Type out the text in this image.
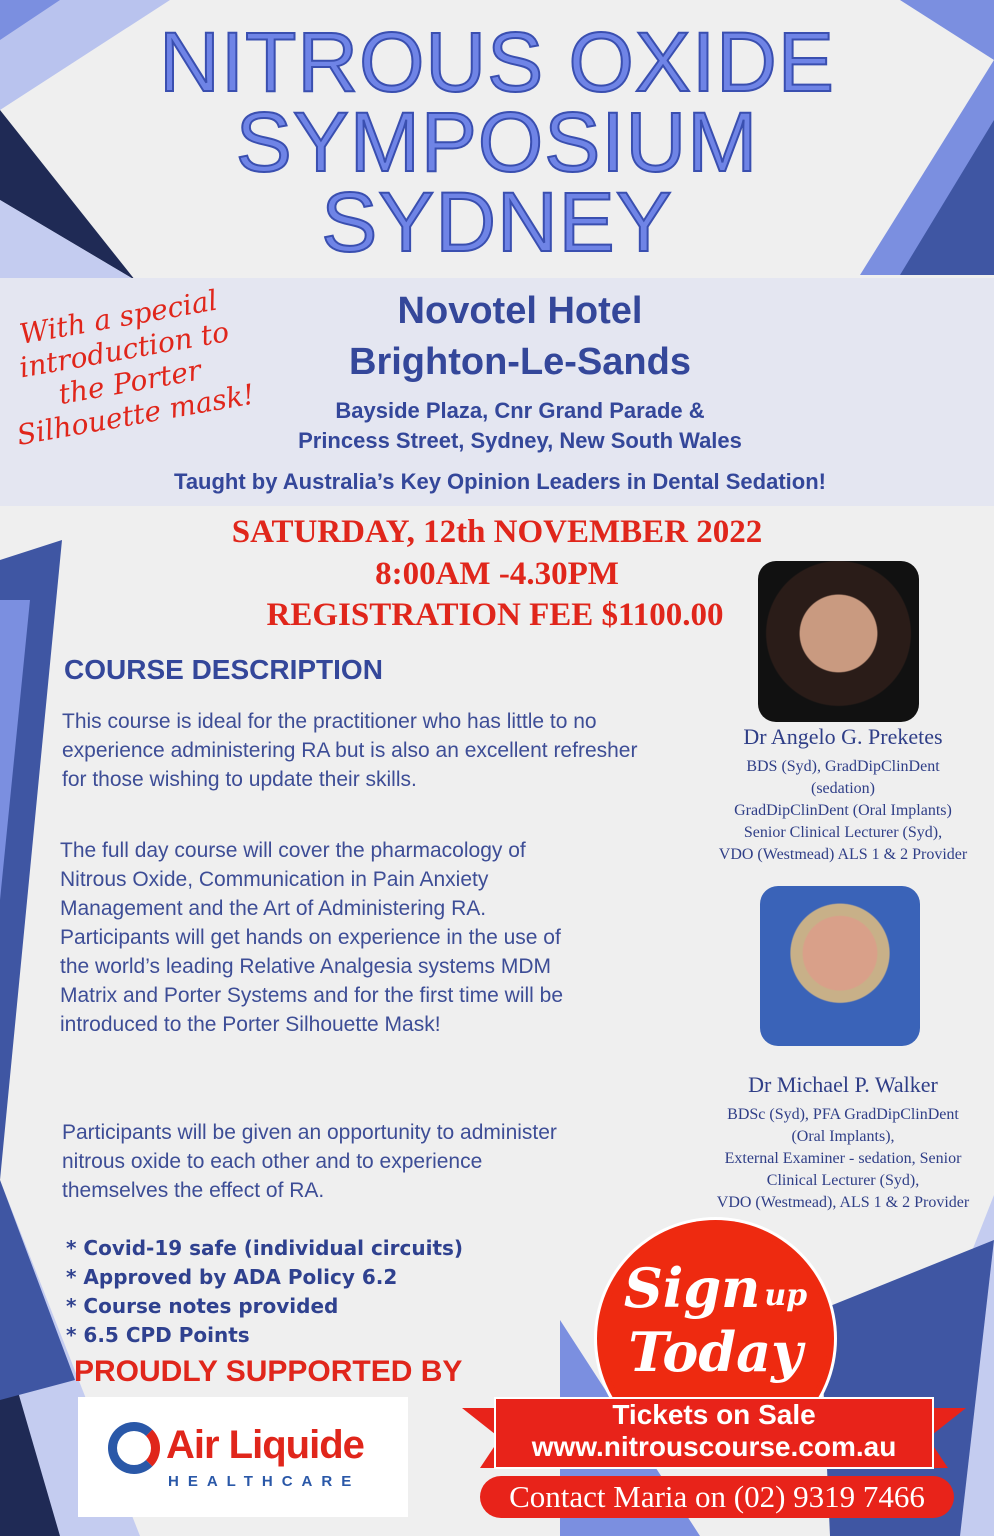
NITROUS OXIDE
SYMPOSIUM
SYDNEY
With a special introduction to the Porter Silhouette mask!
Novotel Hotel
Brighton-Le-Sands
Bayside Plaza, Cnr Grand Parade &
Princess Street, Sydney, New South Wales
Taught by Australia’s Key Opinion Leaders in Dental Sedation!
SATURDAY, 12th NOVEMBER 2022
8:00AM -4.30PM
REGISTRATION FEE $1100.00
COURSE DESCRIPTION
This course is ideal for the practitioner who has little to no experience administering RA but is also an excellent refresher for those wishing to update their skills.
The full day course will cover the pharmacology of Nitrous Oxide, Communication in Pain Anxiety Management and the Art of Administering RA. Participants will get hands on experience in the use of the world’s leading Relative Analgesia systems MDM Matrix and Porter Systems and for the first time will be introduced to the Porter Silhouette Mask!
Participants will be given an opportunity to administer nitrous oxide to each other and to experience themselves the effect of RA.
* Covid-19 safe (individual circuits)
* Approved by ADA Policy 6.2
* Course notes provided
* 6.5 CPD Points
Dr Angelo G. Preketes
BDS (Syd), GradDipClinDent
(sedation)
GradDipClinDent (Oral Implants)
Senior Clinical Lecturer (Syd),
VDO (Westmead) ALS 1 & 2 Provider
Dr Michael P. Walker
BDSc (Syd), PFA GradDipClinDent
(Oral Implants),
External Examiner - sedation, Senior
Clinical Lecturer (Syd),
VDO (Westmead), ALS 1 & 2 Provider
PROUDLY SUPPORTED BY
Air Liquide
HEALTHCARE
Sign up
Today
Tickets on Sale
www.nitrouscourse.com.au
Contact Maria on (02) 9319 7466
